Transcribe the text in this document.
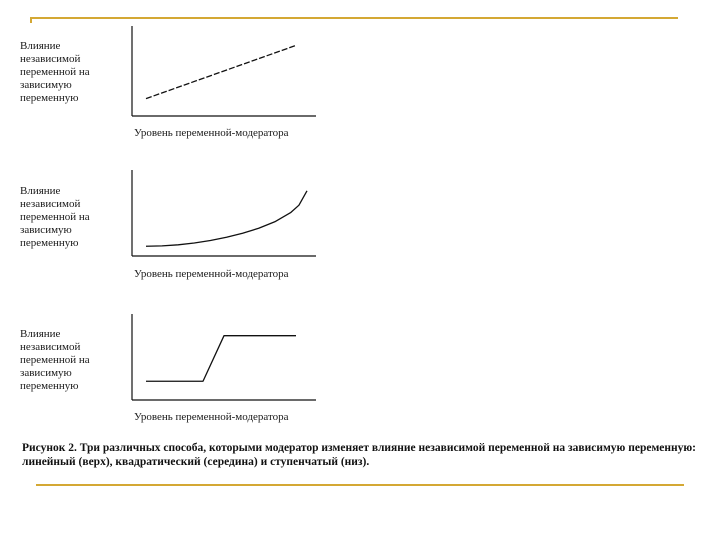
Влияние
независимой
переменной на
зависимую
переменную
Уровень переменной-модератора
Влияние
независимой
переменной на
зависимую
переменную
Уровень переменной-модератора
Влияние
независимой
переменной на
зависимую
переменную
Уровень переменной-модератора
Рисунок 2. Три различных способа, которыми модератор изменяет влияние независимой переменной на зависимую переменную: линейный (верх), квадратический (середина) и ступенчатый (низ).
